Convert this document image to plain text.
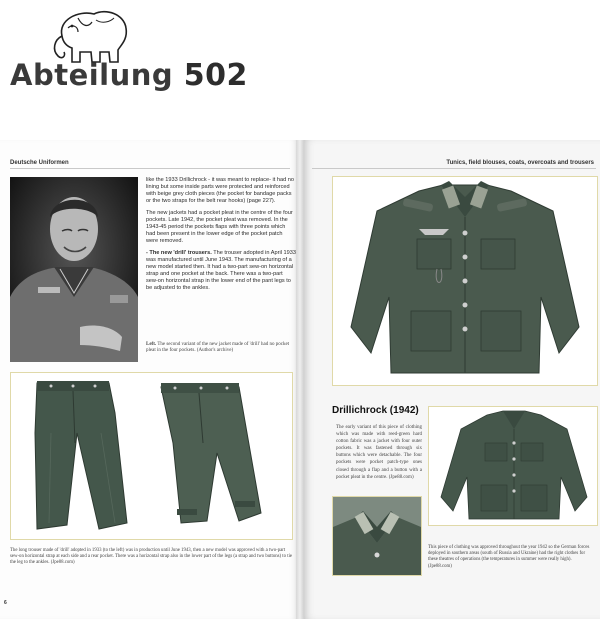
Abteilung 502
Deutsche Uniformen	Tunics, field blouses, coats, overcoats and trousers

like the 1933 Drillichrock - it was meant to replace- it had no lining but some inside parts were protected and reinforced with beige grey cloth pieces (the pocket for bandage packs or the two straps for the belt rear hooks) (page 227).

The new jackets had a pocket pleat in the centre of the four pockets. Late 1942, the pocket pleat was removed. In the 1943-45 period the pockets flaps with three points which had been present in the lower edge of the pocket patch were removed.

- The new 'drill' trousers. The trouser adopted in April 1933 was manufactured until June 1943. The manufacturing of a new model started then. It had a two-part sew-on horizontal strap and one pocket at the back. There was a two-part sew-on horizontal strap in the lower end of the pant legs to be adjusted to the ankles.

Left. The second variant of the new jacket made of 'drill' had no pocket pleat in the four pockets. (Author's archive)
The long trouser made of 'drill' adopted in 1933 (to the left) was in production until June 1943, then a new model was approved with a two-part sew-on horizontal strap at each side and a rear pocket. There was a horizontal strap also in the lower part of the legs (a strap and two buttons) to tie the leg to the ankles. (Jpe88.com)
6
Drillichrock (1942)
The early variant of this piece of clothing which was made with reed-green hard cotton fabric was a jacket with four outer pockets. It was fastened through six buttons which were detachable. The four pockets were pocket patch-type ones closed through a flap and a button with a pocket pleat in the centre. (Jpe88.com)
This piece of clothing was approved throughout the year 1942 so the German forces deployed in southern areas (south of Russia and Ukraine) had the right clothes for these theatres of operations (the temperatures in summer were really high). (Jpe88.com)
